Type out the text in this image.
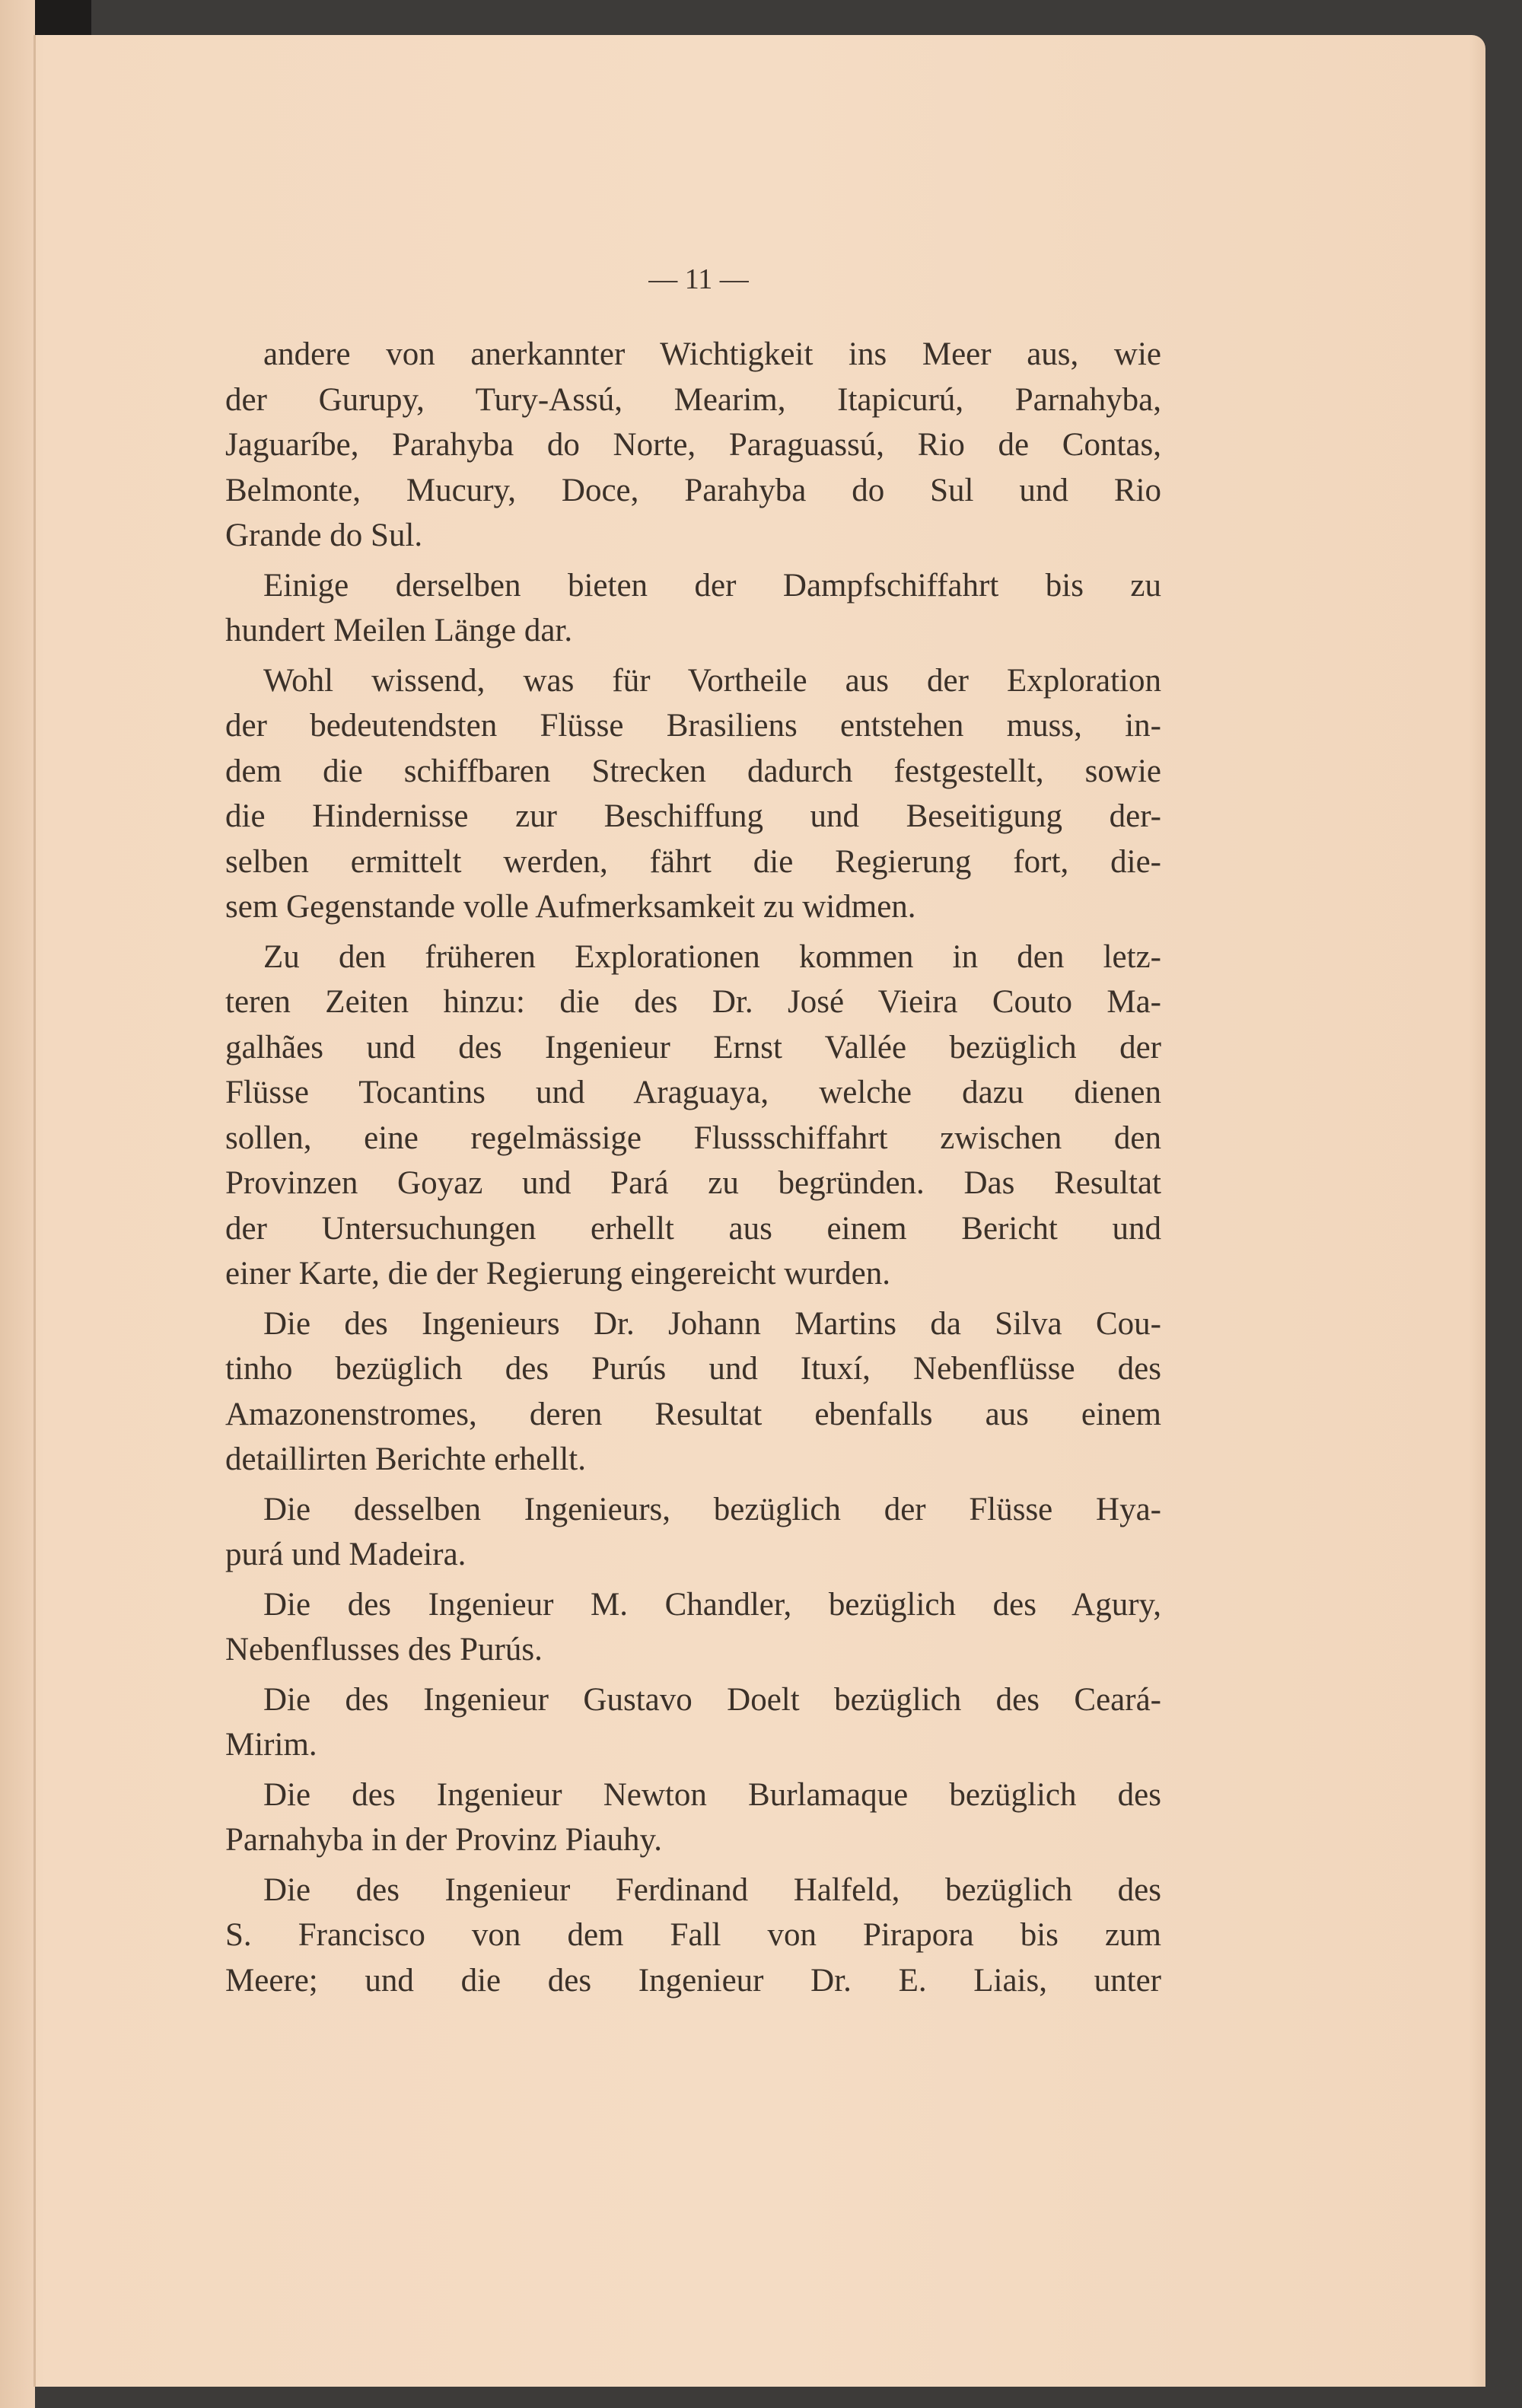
— 11 —
andere von anerkannter Wichtigkeit ins Meer aus, wie
der Gurupy, Tury-Assú, Mearim, Itapicurú, Parnahyba,
Jaguaríbe, Parahyba do Norte, Paraguassú, Rio de Contas,
Belmonte, Mucury, Doce, Parahyba do Sul und Rio
Grande do Sul.
Einige derselben bieten der Dampfschiffahrt bis zu
hundert Meilen Länge dar.
Wohl wissend, was für Vortheile aus der Exploration
der bedeutendsten Flüsse Brasiliens entstehen muss, in-
dem die schiffbaren Strecken dadurch festgestellt, sowie
die Hindernisse zur Beschiffung und Beseitigung der-
selben ermittelt werden, fährt die Regierung fort, die-
sem Gegenstande volle Aufmerksamkeit zu widmen.
Zu den früheren Explorationen kommen in den letz-
teren Zeiten hinzu: die des Dr. José Vieira Couto Ma-
galhães und des Ingenieur Ernst Vallée bezüglich der
Flüsse Tocantins und Araguaya, welche dazu dienen
sollen, eine regelmässige Flussschiffahrt zwischen den
Provinzen Goyaz und Pará zu begründen. Das Resultat
der Untersuchungen erhellt aus einem Bericht und
einer Karte, die der Regierung eingereicht wurden.
Die des Ingenieurs Dr. Johann Martins da Silva Cou-
tinho bezüglich des Purús und Ituxí, Nebenflüsse des
Amazonenstromes, deren Resultat ebenfalls aus einem
detaillirten Berichte erhellt.
Die desselben Ingenieurs, bezüglich der Flüsse Hya-
purá und Madeira.
Die des Ingenieur M. Chandler, bezüglich des Agury,
Nebenflusses des Purús.
Die des Ingenieur Gustavo Doelt bezüglich des Ceará-
Mirim.
Die des Ingenieur Newton Burlamaque bezüglich des
Parnahyba in der Provinz Piauhy.
Die des Ingenieur Ferdinand Halfeld, bezüglich des
S. Francisco von dem Fall von Pirapora bis zum
Meere; und die des Ingenieur Dr. E. Liais, unter
